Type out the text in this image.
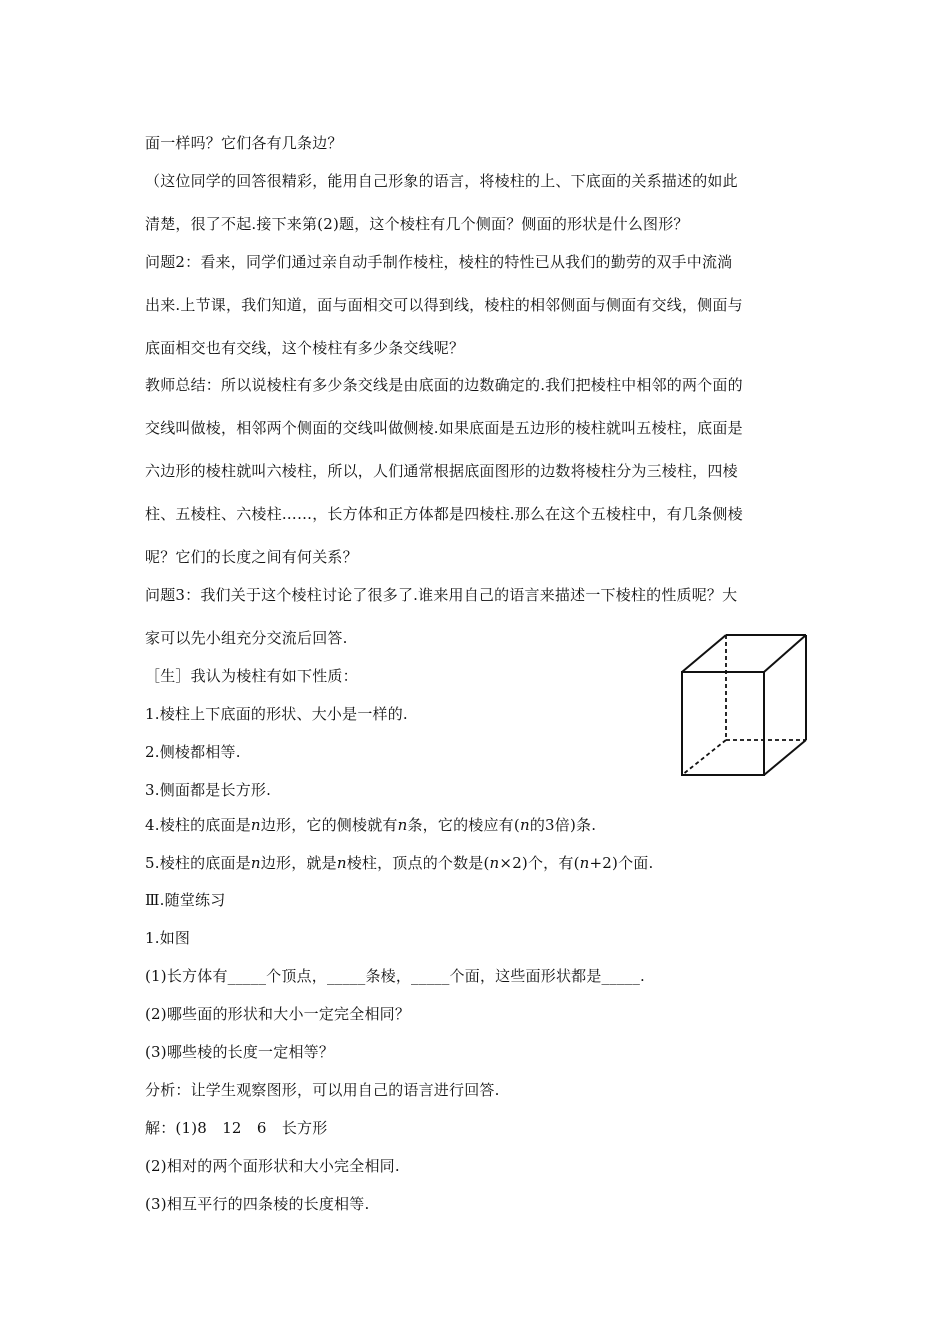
面一样吗？它们各有几条边？
（这位同学的回答很精彩，能用自己形象的语言，将棱柱的上、下底面的关系描述的如此
清楚，很了不起.接下来第(2)题，这个棱柱有几个侧面？侧面的形状是什么图形？
问题2：看来，同学们通过亲自动手制作棱柱，棱柱的特性已从我们的勤劳的双手中流淌
出来.上节课，我们知道，面与面相交可以得到线，棱柱的相邻侧面与侧面有交线，侧面与
底面相交也有交线，这个棱柱有多少条交线呢？
教师总结：所以说棱柱有多少条交线是由底面的边数确定的.我们把棱柱中相邻的两个面的
交线叫做棱，相邻两个侧面的交线叫做侧棱.如果底面是五边形的棱柱就叫五棱柱，底面是
六边形的棱柱就叫六棱柱，所以，人们通常根据底面图形的边数将棱柱分为三棱柱，四棱
柱、五棱柱、六棱柱……，长方体和正方体都是四棱柱.那么在这个五棱柱中，有几条侧棱
呢？它们的长度之间有何关系？
问题3：我们关于这个棱柱讨论了很多了.谁来用自己的语言来描述一下棱柱的性质呢？大
家可以先小组充分交流后回答.
［生］我认为棱柱有如下性质：
1.棱柱上下底面的形状、大小是一样的.
2.侧棱都相等.
3.侧面都是长方形.
4.棱柱的底面是n边形，它的侧棱就有n条，它的棱应有(n的3倍)条.
5.棱柱的底面是n边形，就是n棱柱，顶点的个数是(n×2)个，有(n+2)个面.
Ⅲ.随堂练习
1.如图
(1)长方体有_____个顶点，_____条棱，_____个面，这些面形状都是_____.
(2)哪些面的形状和大小一定完全相同？
(3)哪些棱的长度一定相等？
分析：让学生观察图形，可以用自己的语言进行回答.
解：(1)8　12　6　长方形
(2)相对的两个面形状和大小完全相同.
(3)相互平行的四条棱的长度相等.
